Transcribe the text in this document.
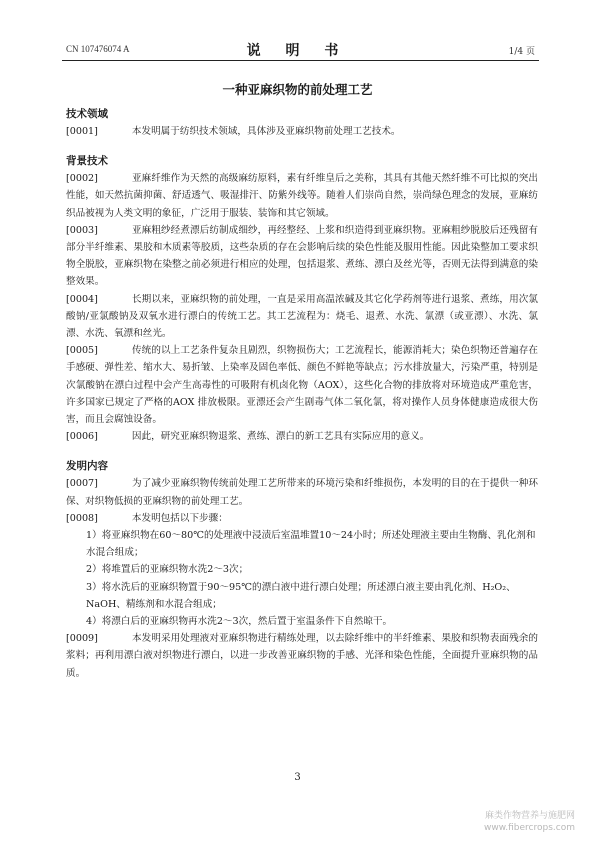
CN 107476074 A	说 明 书	1/4 页
一种亚麻织物的前处理工艺

技术领域

[0001]	本发明属于纺织技术领域，具体涉及亚麻织物前处理工艺技术。

背景技术

[0002]	亚麻纤维作为天然的高级麻纺原料，素有纤维皇后之美称，其具有其他天然纤维不可比拟的突出性能，如天然抗菌抑菌、舒适透气、吸湿排汗、防紫外线等。随着人们崇尚自然，崇尚绿色理念的发展，亚麻纺织品被视为人类文明的象征，广泛用于服装、装饰和其它领域。

[0003]	亚麻粗纱经煮漂后纺制成细纱，再经整经、上浆和织造得到亚麻织物。亚麻粗纱脱胶后还残留有部分半纤维素、果胶和木质素等胶质，这些杂质的存在会影响后续的染色性能及服用性能。因此染整加工要求织物全脱胶，亚麻织物在染整之前必须进行相应的处理，包括退浆、煮练、漂白及丝光等，否则无法得到满意的染整效果。

[0004]	长期以来，亚麻织物的前处理，一直是采用高温浓碱及其它化学药剂等进行退浆、煮练，用次氯酸钠/亚氯酸钠及双氧水进行漂白的传统工艺。其工艺流程为：烧毛、退煮、水洗、氯漂（或亚漂）、水洗、氯漂、水洗、氧漂和丝光。

[0005]	传统的以上工艺条件复杂且剧烈，织物损伤大；工艺流程长，能源消耗大；染色织物还普遍存在手感硬、弹性差、缩水大、易折皱、上染率及固色率低、颜色不鲜艳等缺点；污水排放量大，污染严重，特别是次氯酸钠在漂白过程中会产生高毒性的可吸附有机卤化物（AOX），这些化合物的排放将对环境造成严重危害，许多国家已规定了严格的AOX 排放极限。亚漂还会产生剧毒气体二氧化氯，将对操作人员身体健康造成很大伤害，而且会腐蚀设备。

[0006]	因此，研究亚麻织物退浆、煮练、漂白的新工艺具有实际应用的意义。

发明内容

[0007]	为了减少亚麻织物传统前处理工艺所带来的环境污染和纤维损伤，本发明的目的在于提供一种环保、对织物低损的亚麻织物的前处理工艺。

[0008]	本发明包括以下步骤：

1）将亚麻织物在60～80℃的处理液中浸渍后室温堆置10～24小时；所述处理液主要由生物酶、乳化剂和水混合组成；

2）将堆置后的亚麻织物水洗2～3次；

3）将水洗后的亚麻织物置于90～95℃的漂白液中进行漂白处理；所述漂白液主要由乳化剂、H₂O₂、NaOH、精练剂和水混合组成；

4）将漂白后的亚麻织物再水洗2～3次，然后置于室温条件下自然晾干。

[0009]	本发明采用处理液对亚麻织物进行精练处理，以去除纤维中的半纤维素、果胶和织物表面残余的浆料；再利用漂白液对织物进行漂白，以进一步改善亚麻织物的手感、光泽和染色性能，全面提升亚麻织物的品质。

3
麻类作物营养与施肥网
www.fibercrops.com
